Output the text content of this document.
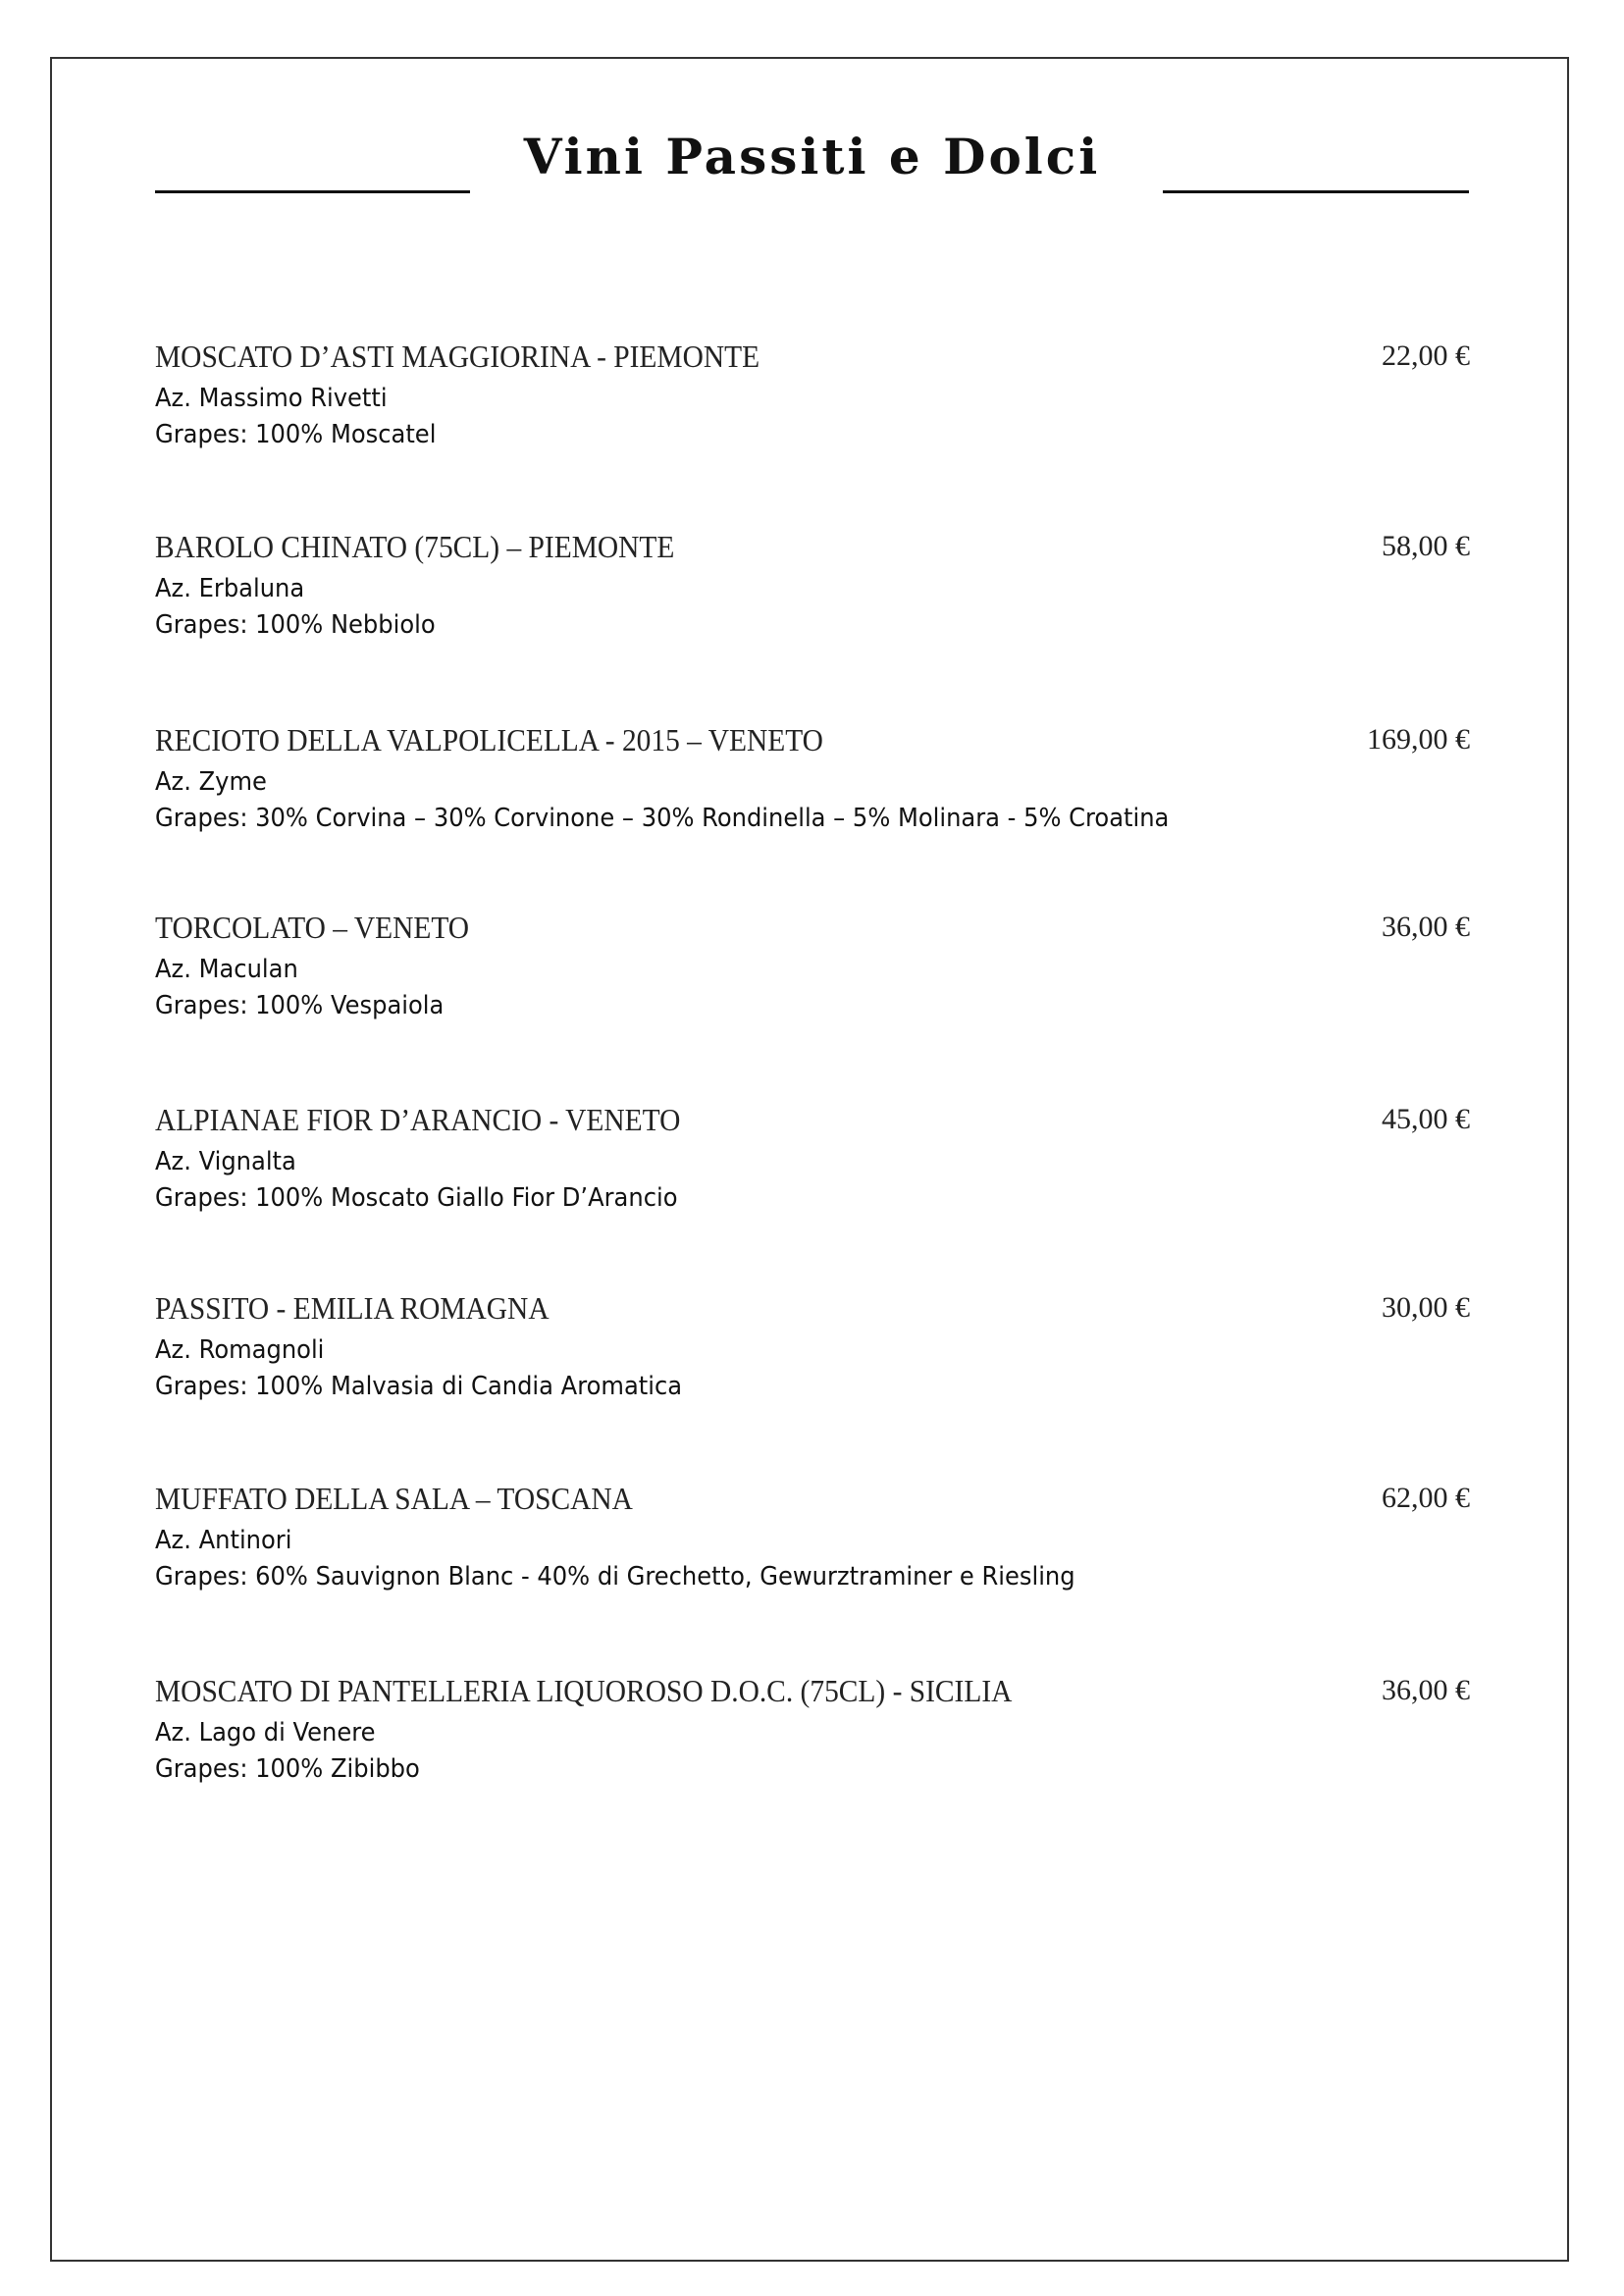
Vini Passiti e Dolci
MOSCATO D’ASTI MAGGIORINA - PIEMONTE	22,00 €
Az. Massimo Rivetti
Grapes: 100% Moscatel
BAROLO CHINATO (75CL) – PIEMONTE	58,00 €
Az. Erbaluna
Grapes: 100% Nebbiolo
RECIOTO DELLA VALPOLICELLA - 2015 – VENETO	169,00 €
Az. Zyme
Grapes: 30% Corvina – 30% Corvinone – 30% Rondinella – 5% Molinara - 5% Croatina
TORCOLATO – VENETO	36,00 €
Az. Maculan
Grapes: 100% Vespaiola
ALPIANAE FIOR D’ARANCIO - VENETO	45,00 €
Az. Vignalta
Grapes: 100% Moscato Giallo Fior D’Arancio
PASSITO - EMILIA ROMAGNA	30,00 €
Az. Romagnoli
Grapes: 100% Malvasia di Candia Aromatica
MUFFATO DELLA SALA – TOSCANA	62,00 €
Az. Antinori
Grapes: 60% Sauvignon Blanc - 40% di Grechetto, Gewurztraminer e Riesling
MOSCATO DI PANTELLERIA LIQUOROSO D.O.C. (75CL) - SICILIA	36,00 €
Az. Lago di Venere
Grapes: 100% Zibibbo
